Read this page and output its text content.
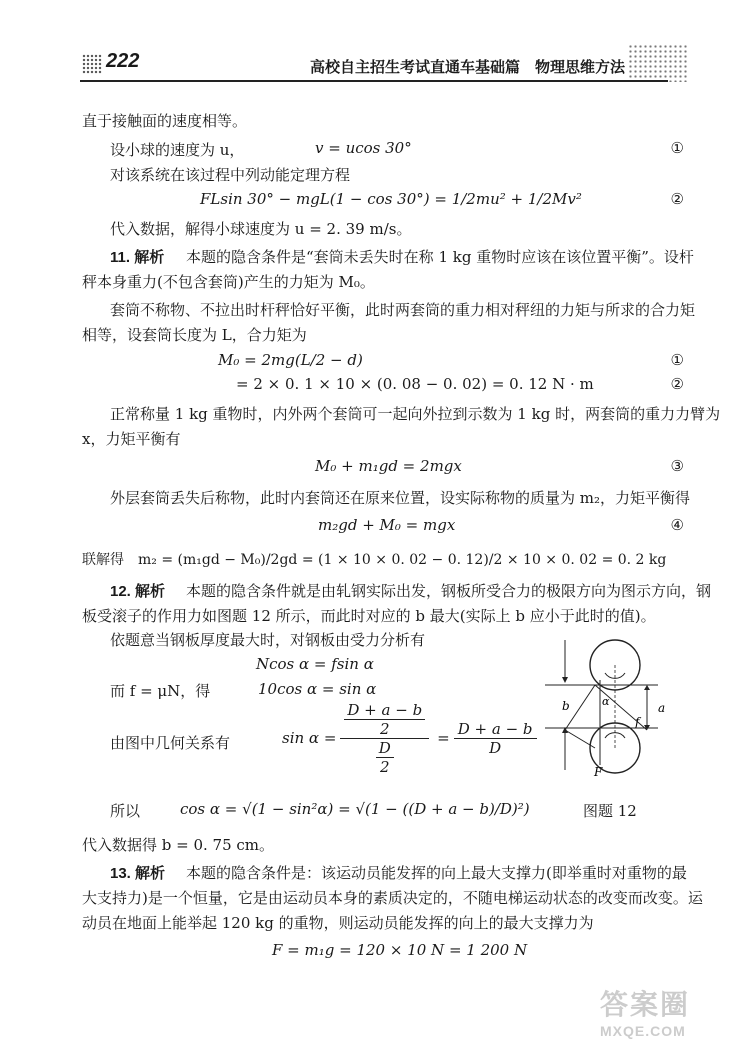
222	高校自主招生考试直通车基础篇　物理思维方法
直于接触面的速度相等。
设小球的速度为 u，	v = ucos 30°	①
对该系统在该过程中列动能定理方程
FLsin 30° − mgL(1 − cos 30°) = 1/2mu² + 1/2Mv²	②
代入数据，解得小球速度为 u = 2. 39 m/s。
11. 解析 本题的隐含条件是“套筒未丢失时在称 1 kg 重物时应该在该位置平衡”。设杆
秤本身重力(不包含套筒)产生的力矩为 M₀。
套筒不称物、不拉出时杆秤恰好平衡，此时两套筒的重力相对秤纽的力矩与所求的合力矩
相等，设套筒长度为 L，合力矩为
M₀ = 2mg(L/2 − d)	①
= 2 × 0. 1 × 10 × (0. 08 − 0. 02) = 0. 12 N · m	②
正常称量 1 kg 重物时，内外两个套筒可一起向外拉到示数为 1 kg 时，两套筒的重力力臂为
x，力矩平衡有
M₀ + m₁gd = 2mgx	③
外层套筒丢失后称物，此时内套筒还在原来位置，设实际称物的质量为 m₂，力矩平衡得
m₂gd + M₀ = mgx	④
联解得　m₂ = (m₁gd − M₀)/2gd = (1 × 10 × 0. 02 − 0. 12)/2 × 10 × 0. 02 = 0. 2 kg
12. 解析 本题的隐含条件就是由轧钢实际出发，钢板所受合力的极限方向为图示方向，钢
板受滚子的作用力如图题 12 所示，而此时对应的 b 最大(实际上 b 应小于此时的值)。
依题意当钢板厚度最大时，对钢板由受力分析有
Ncos α = fsin α
而 f = μN，得	10cos α = sin α
由图中几何关系有	sin α = D + a − b
2
D
$2 = \frac{D + a - b}{D}$
所以	cos α = √(1 − sin²α) = √(1 − ((D + a − b)/D)²)
代入数据得 b = 0. 75 cm。
b	α	a
f
F
图题 12
13. 解析 本题的隐含条件是：该运动员能发挥的向上最大支撑力(即举重时对重物的最
大支持力)是一个恒量，它是由运动员本身的素质决定的，不随电梯运动状态的改变而改变。运
动员在地面上能举起 120 kg 的重物，则运动员能发挥的向上的最大支撑力为
F = m₁g = 120 × 10 N = 1 200 N
答案圈
MXQE.COM
